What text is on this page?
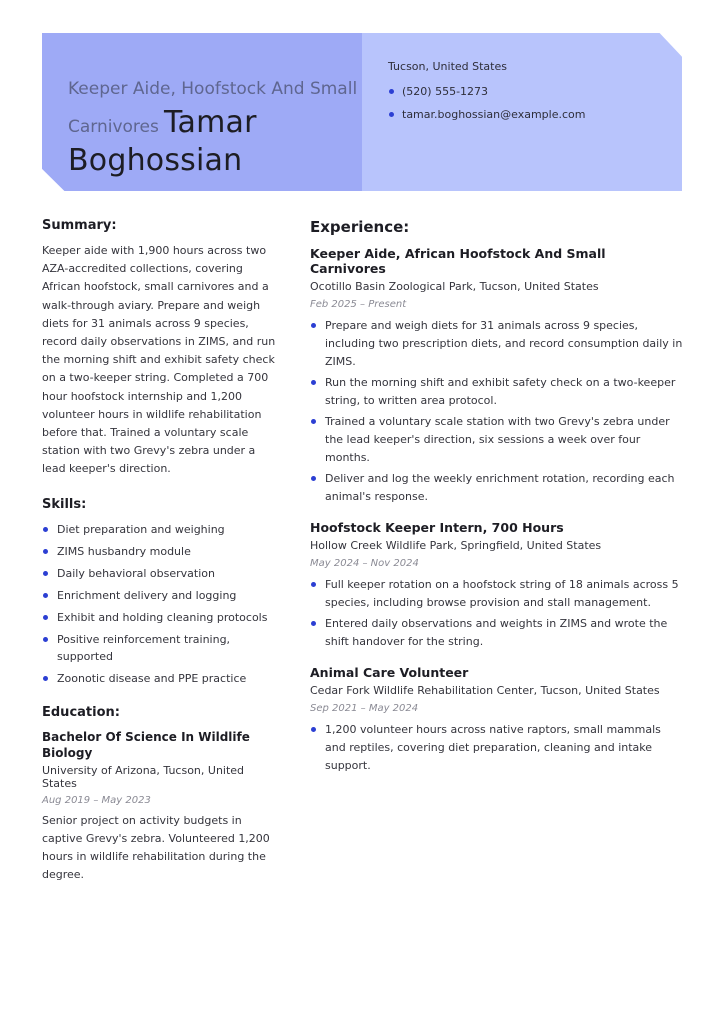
Keeper Aide, Hoofstock And Small Carnivores Tamar Boghossian
Tucson, United States
(520) 555-1273
tamar.boghossian@example.com
Summary:

Keeper aide with 1,900 hours across two AZA-accredited collections, covering African hoofstock, small carnivores and a walk-through aviary. Prepare and weigh diets for 31 animals across 9 species, record daily observations in ZIMS, and run the morning shift and exhibit safety check on a two-keeper string. Completed a 700 hour hoofstock internship and 1,200 volunteer hours in wildlife rehabilitation before that. Trained a voluntary scale station with two Grevy's zebra under a lead keeper's direction.

Skills:
Diet preparation and weighing
ZIMS husbandry module
Daily behavioral observation
Enrichment delivery and logging
Exhibit and holding cleaning protocols
Positive reinforcement training, supported
Zoonotic disease and PPE practice
Education:
Bachelor Of Science In Wildlife Biology
University of Arizona, Tucson, United States
Aug 2019 – May 2023

Senior project on activity budgets in captive Grevy's zebra. Volunteered 1,200 hours in wildlife rehabilitation during the degree.

Experience:
Keeper Aide, African Hoofstock And Small Carnivores
Ocotillo Basin Zoological Park, Tucson, United States
Feb 2025 – Present
Prepare and weigh diets for 31 animals across 9 species, including two prescription diets, and record consumption daily in ZIMS.
Run the morning shift and exhibit safety check on a two-keeper string, to written area protocol.
Trained a voluntary scale station with two Grevy's zebra under the lead keeper's direction, six sessions a week over four months.
Deliver and log the weekly enrichment rotation, recording each animal's response.
Hoofstock Keeper Intern, 700 Hours
Hollow Creek Wildlife Park, Springfield, United States
May 2024 – Nov 2024
Full keeper rotation on a hoofstock string of 18 animals across 5 species, including browse provision and stall management.
Entered daily observations and weights in ZIMS and wrote the shift handover for the string.
Animal Care Volunteer
Cedar Fork Wildlife Rehabilitation Center, Tucson, United States
Sep 2021 – May 2024
1,200 volunteer hours across native raptors, small mammals and reptiles, covering diet preparation, cleaning and intake support.
